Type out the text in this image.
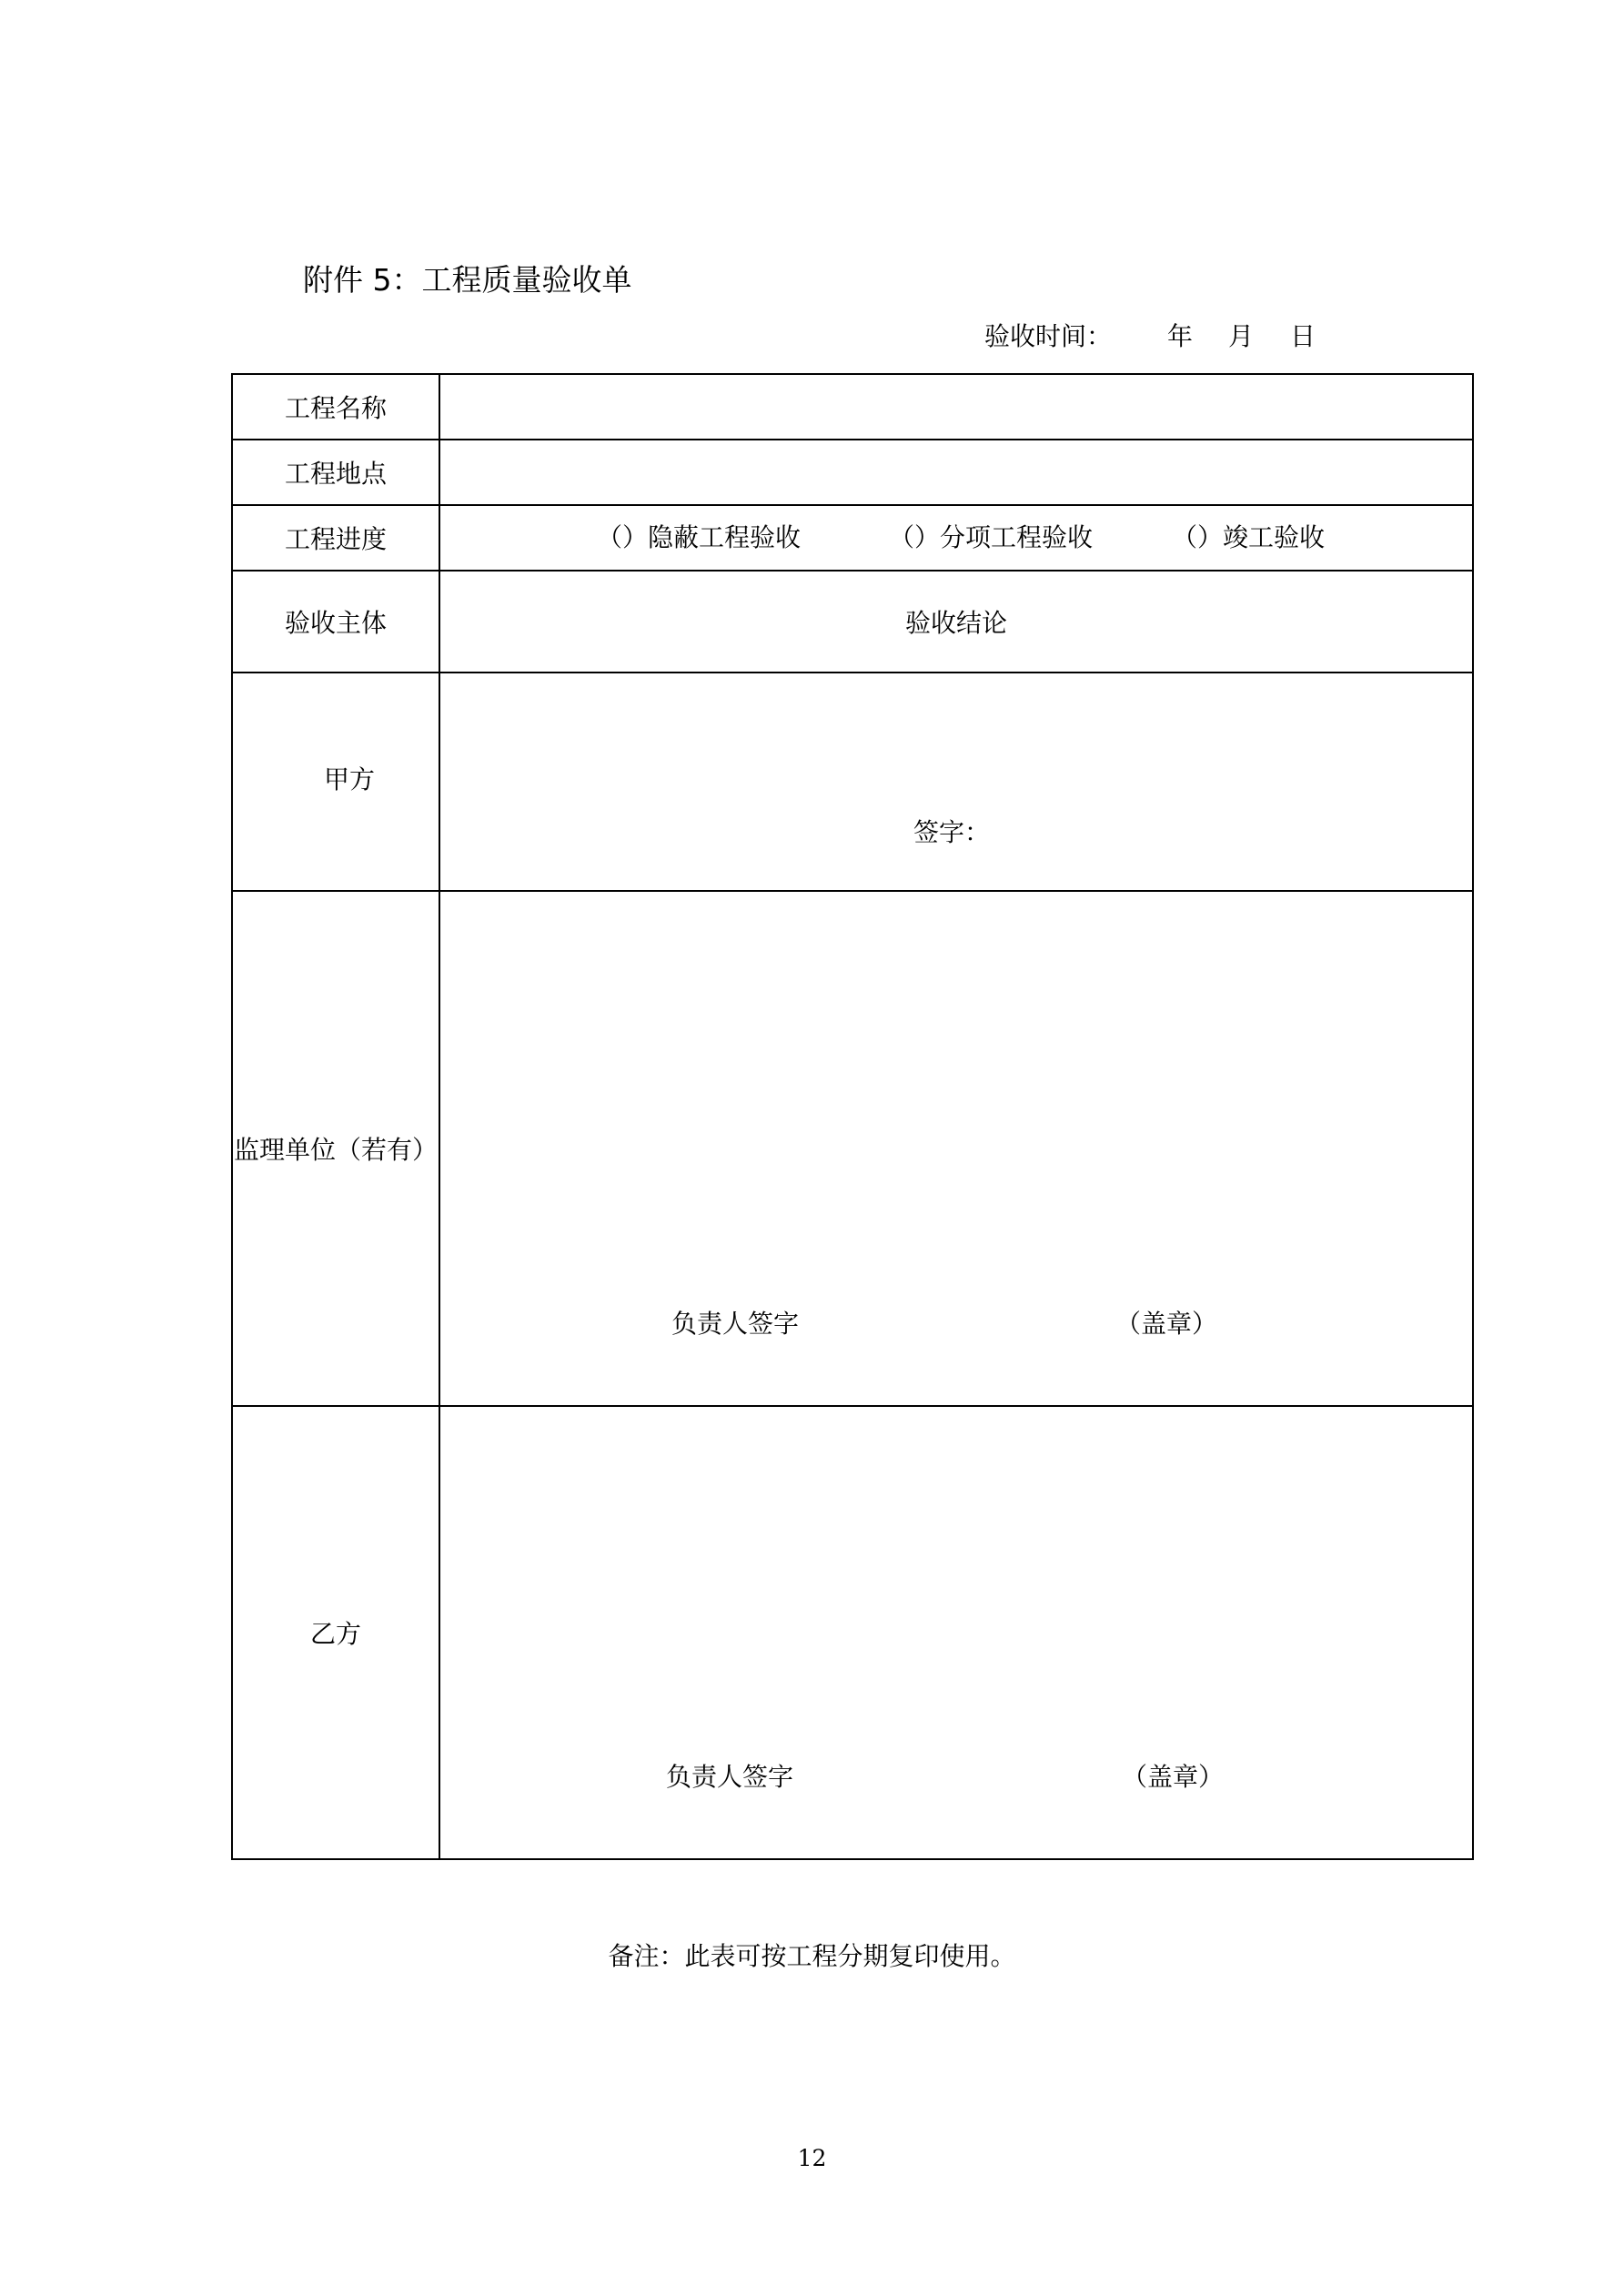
附件 5：工程质量验收单
验收时间： 年 月 日
工程名称	
工程地点	
工程进度	（）隐蔽工程验收 （）分项工程验收 （）竣工验收

验收主体	验收结论

甲方	签字：

监理单位（若有）	负责人签字 （盖章）

乙方	负责人签字 （盖章）
备注：此表可按工程分期复印使用。
12
